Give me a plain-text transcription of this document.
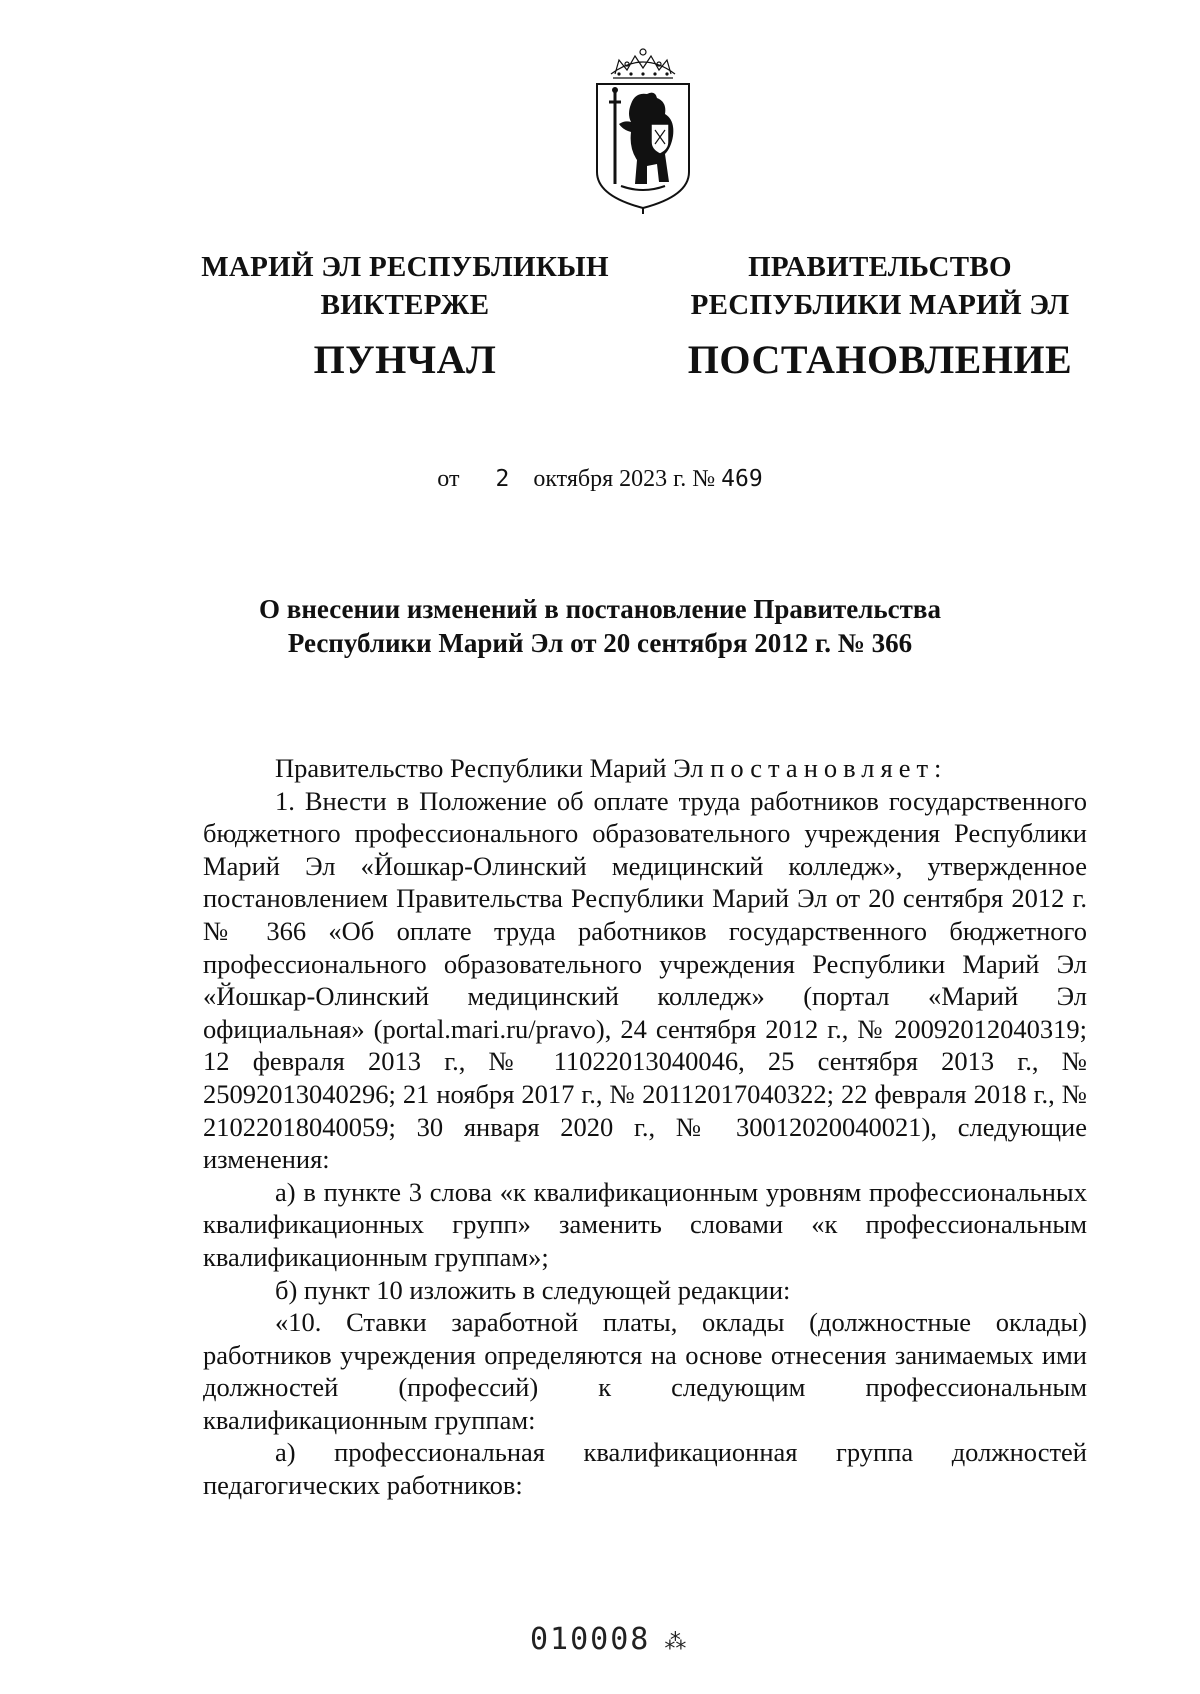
МАРИЙ ЭЛ РЕСПУБЛИКЫН
ВИКТЕРЖЕ
ПУНЧАЛ
ПРАВИТЕЛЬСТВО
РЕСПУБЛИКИ МАРИЙ ЭЛ
ПОСТАНОВЛЕНИЕ
от 2 октября 2023 г. №
469
О внесении изменений в постановление Правительства
Республики Марий Эл от 20 сентября 2012 г. № 366

Правительство Республики Марий Эл постановляет:

1. Внести в Положение об оплате труда работников государственного бюджетного профессионального образовательного учреждения Республики Марий Эл «Йошкар-Олинский медицинский колледж», утвержденное постановлением Правительства Республики Марий Эл от 20 сентября 2012 г. № 366 «Об оплате труда работников государственного бюджетного профессионального образовательного учреждения Республики Марий Эл «Йошкар-Олинский медицинский колледж» (портал «Марий Эл официальная» (portal.mari.ru/pravo), 24 сентября 2012 г., № 20092012040319; 12 февраля 2013 г., № 11022013040046, 25 сентября 2013 г., № 25092013040296; 21 ноября 2017 г., № 20112017040322; 22 февраля 2018 г., № 21022018040059; 30 января 2020 г., № 30012020040021), следующие изменения:

а) в пункте 3 слова «к квалификационным уровням профессиональных квалификационных групп» заменить словами «к профессиональным квалификационным группам»;

б) пункт 10 изложить в следующей редакции:

«10. Ставки заработной платы, оклады (должностные оклады) работников учреждения определяются на основе отнесения занимаемых ими должностей (профессий) к следующим профессиональным квалификационным группам:

а) профессиональная квалификационная группа должностей педагогических работников:

010008 ⁂
